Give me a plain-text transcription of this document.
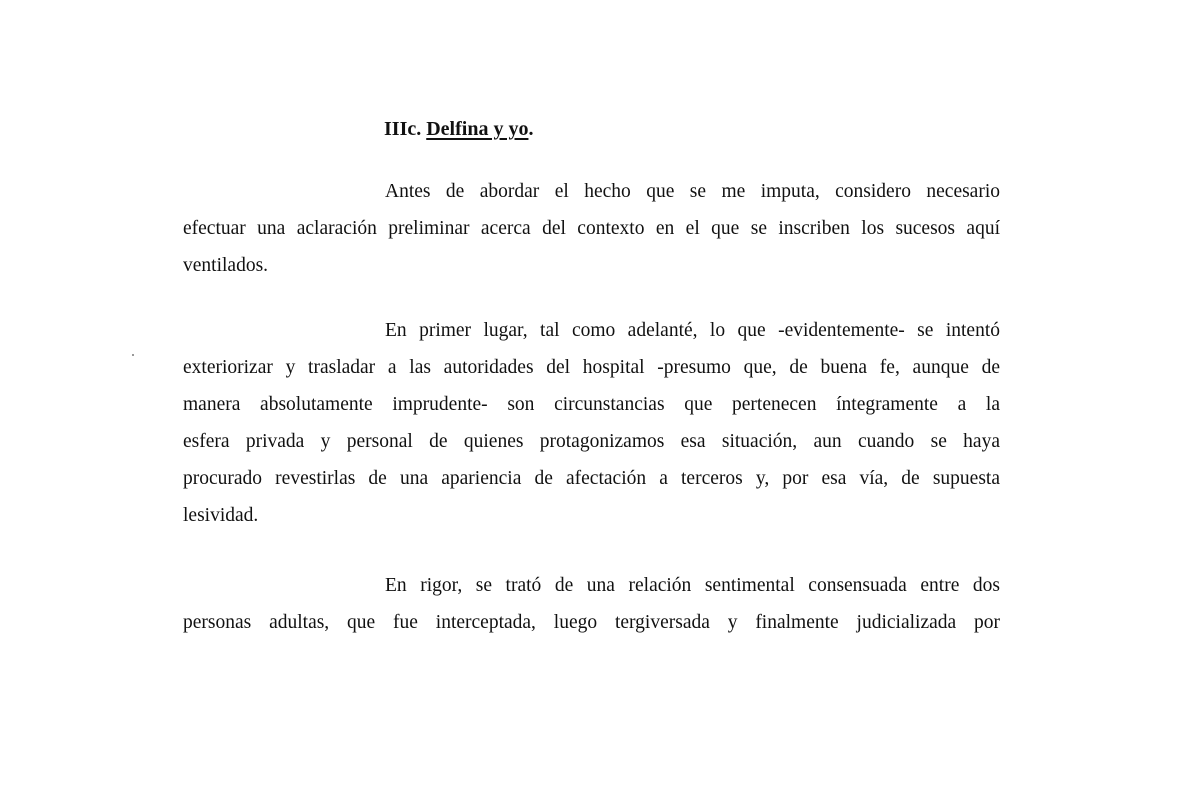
IIIc. Delfina y yo.
Antes de abordar el hecho que se me imputa, considero necesario
efectuar una aclaración preliminar acerca del contexto en el que se inscriben los sucesos aquí
ventilados.
En primer lugar, tal como adelanté, lo que -evidentemente- se intentó
exteriorizar y trasladar a las autoridades del hospital -presumo que, de buena fe, aunque de
manera absolutamente imprudente- son circunstancias que pertenecen íntegramente a la
esfera privada y personal de quienes protagonizamos esa situación, aun cuando se haya
procurado revestirlas de una apariencia de afectación a terceros y, por esa vía, de supuesta
lesividad.
En rigor, se trató de una relación sentimental consensuada entre dos
personas adultas, que fue interceptada, luego tergiversada y finalmente judicializada por
